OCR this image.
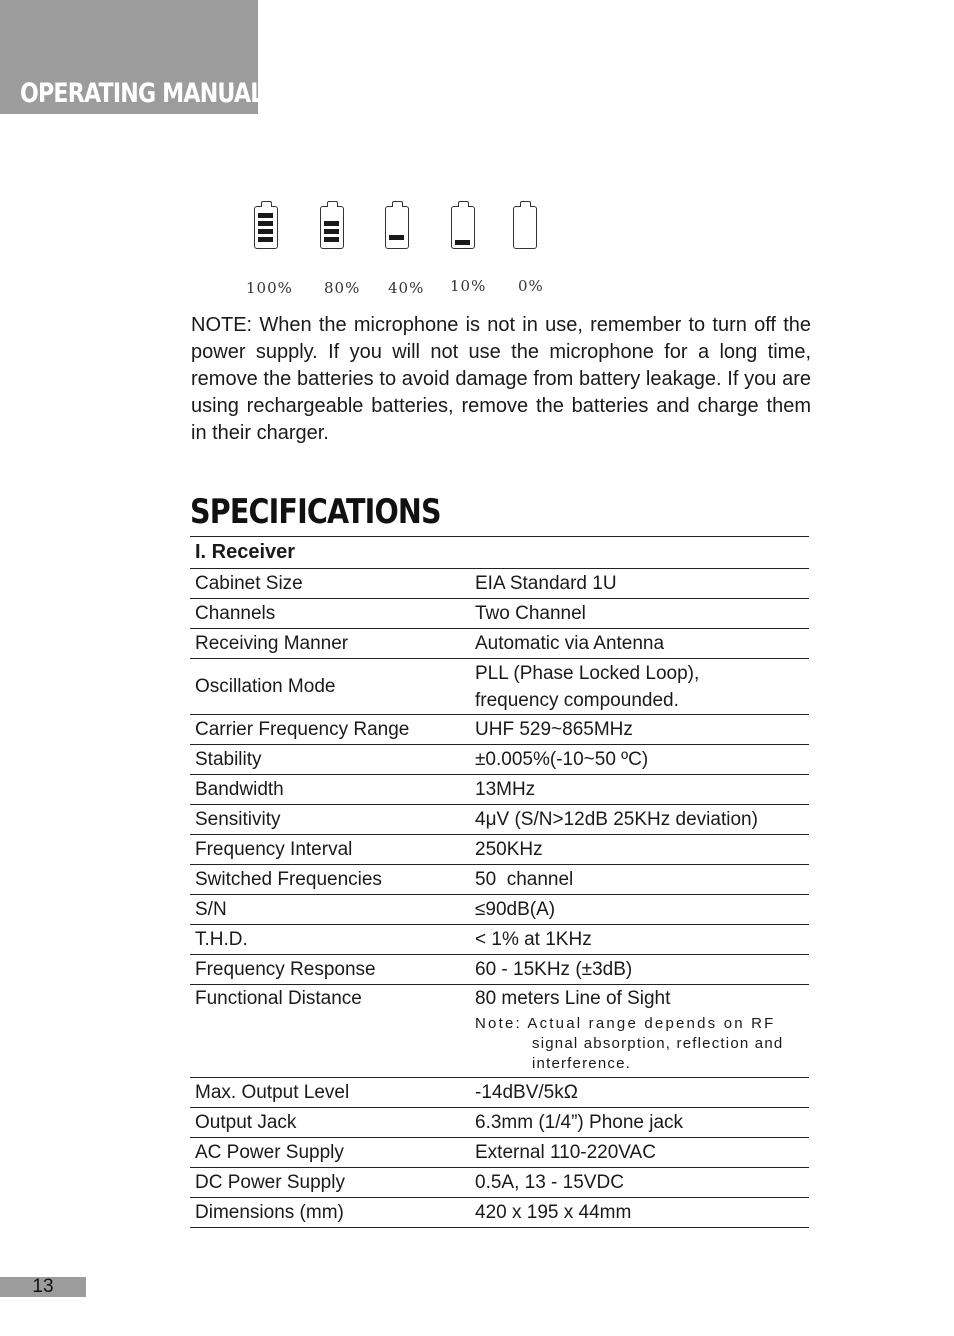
OPERATING MANUAL
100% 80% 40% 10% 0%
NOTE: When the microphone is not in use, remember to turn off the power supply. If you will not use the microphone for a long time, remove the batteries to avoid damage from battery leakage. If you are using rechargeable batteries, remove the batteries and charge them in their charger.
SPECIFICATIONS
I. Receiver	
Cabinet Size	EIA Standard 1U
Channels	Two Channel
Receiving Manner	Automatic via Antenna
Oscillation Mode	PLL (Phase Locked Loop),
frequency compounded.

Carrier Frequency Range	UHF 529~865MHz
Stability	±0.005%(-10~50 ºC)
Bandwidth	13MHz
Sensitivity	4μV (S/N>12dB 25KHz deviation)
Frequency Interval	250KHz
Switched Frequencies	50  channel
S/N	≤90dB(A)
T.H.D.	< 1% at 1KHz
Frequency Response	60 - 15KHz (±3dB)
Functional Distance	80 meters Line of Sight
Note: Actual range depends on RF
signal absorption, reflection and
interference.

Max. Output Level	-14dBV/5kΩ
Output Jack	6.3mm (1/4”) Phone jack
AC Power Supply	External 110-220VAC
DC Power Supply	0.5A, 13 - 15VDC
Dimensions (mm)	420 x 195 x 44mm
13
